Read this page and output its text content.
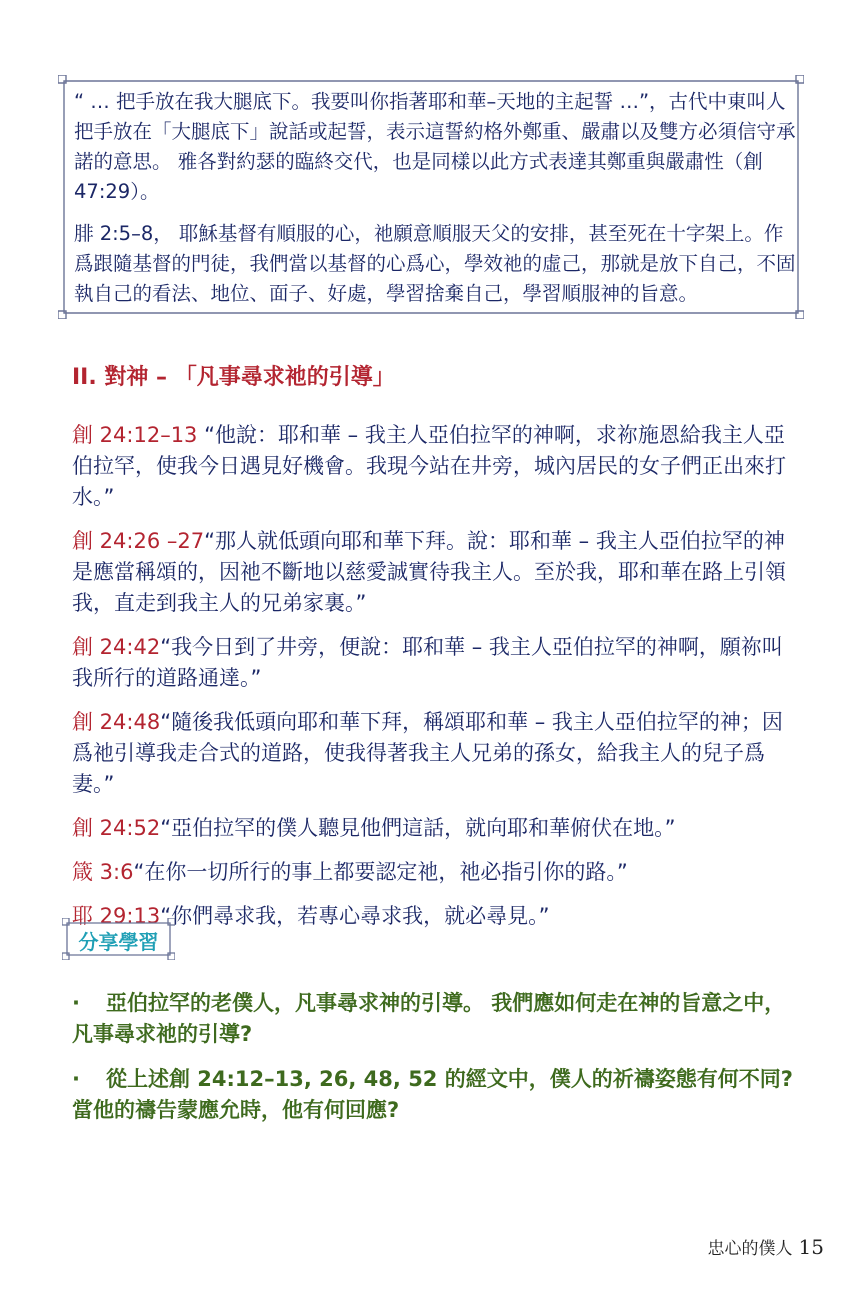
“ … 把手放在我大腿底下。我要叫你指著耶和華–天地的主起誓 …”，古代中東叫人把手放在「大腿底下」說話或起誓，表示這誓約格外鄭重、嚴肅以及雙方必須信守承諾的意思。 雅各對約瑟的臨終交代，也是同樣以此方式表達其鄭重與嚴肅性（創 47:29）。

腓 2:5–8， 耶穌基督有順服的心，祂願意順服天父的安排，甚至死在十字架上。作爲跟隨基督的門徒，我們當以基督的心爲心，學效祂的虛己，那就是放下自己，不固執自己的看法、地位、面子、好處，學習捨棄自己，學習順服神的旨意。

II. 對神 – 「凡事尋求祂的引導」

創 24:12–13 “他說：耶和華 – 我主人亞伯拉罕的神啊，求祢施恩給我主人亞伯拉罕，使我今日遇見好機會。我現今站在井旁，城內居民的女子們正出來打水。”

創 24:26 –27“那人就低頭向耶和華下拜。說：耶和華 – 我主人亞伯拉罕的神是應當稱頌的，因祂不斷地以慈愛誠實待我主人。至於我，耶和華在路上引領我，直走到我主人的兄弟家裏。”

創 24:42“我今日到了井旁，便說：耶和華 – 我主人亞伯拉罕的神啊，願祢叫我所行的道路通達。”

創 24:48“隨後我低頭向耶和華下拜，稱頌耶和華 – 我主人亞伯拉罕的神；因爲祂引導我走合式的道路，使我得著我主人兄弟的孫女，給我主人的兒子爲妻。”

創 24:52“亞伯拉罕的僕人聽見他們這話，就向耶和華俯伏在地。”

箴 3:6“在你一切所行的事上都要認定祂，祂必指引你的路。”

耶 29:13“你們尋求我，若專心尋求我，就必尋見。”

分享學習

· 亞伯拉罕的老僕人，凡事尋求神的引導。 我們應如何走在神的旨意之中，凡事尋求祂的引導?

· 從上述創 24:12–13, 26, 48, 52 的經文中，僕人的祈禱姿態有何不同? 當他的禱告蒙應允時，他有何回應?

忠心的僕人 15
